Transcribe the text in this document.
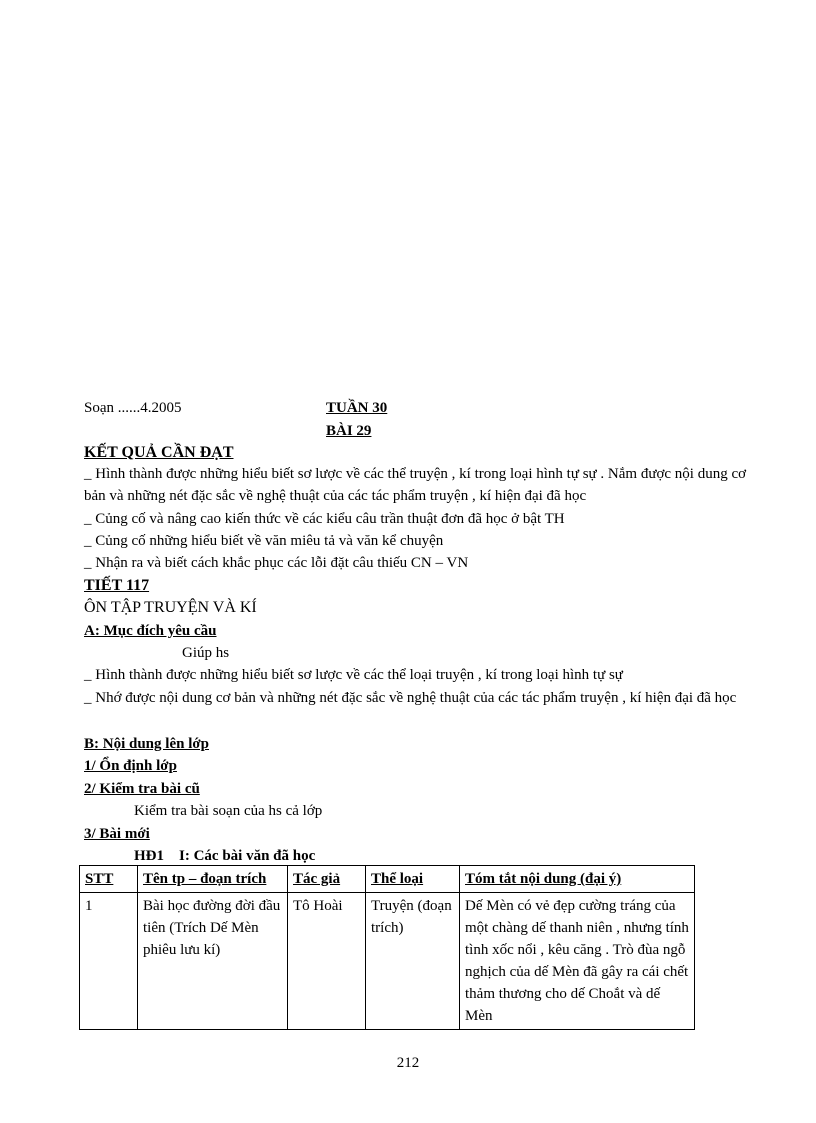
Soạn ......4.2005	TUẦN 30
BÀI 29
KẾT QUẢ CẦN ĐẠT
_ Hình thành được những hiểu biết sơ lược về các thể truyện , kí trong loại hình tự sự . Nắm được nội dung cơ bản và những nét đặc sắc về nghệ thuật của các tác phẩm truyện , kí hiện đại đã học
_ Củng cố và nâng cao kiến thức về các kiểu câu trần thuật đơn đã học ở bật TH
_ Củng cố những hiểu biết về văn miêu tả và văn kể chuyện
_ Nhận ra và biết cách khắc phục các lỗi đặt câu thiếu CN – VN
TIẾT 117
ÔN TẬP TRUYỆN VÀ KÍ
A: Mục đích yêu cầu
Giúp hs
_ Hình thành được những hiểu biết sơ lược về các thể loại truyện , kí trong loại hình tự sự
_ Nhớ được nội dung cơ bản và những nét đặc sắc về nghệ thuật của các tác phẩm truyện , kí hiện đại đã học
B: Nội dung lên lớp
1/ Ổn định lớp
2/ Kiểm tra bài cũ
Kiểm tra bài soạn của hs cả lớp
3/ Bài mới
HĐ1    I: Các bài văn đã học
STT	Tên tp – đoạn trích	Tác giả	Thể loại	Tóm tắt nội dung (đại ý)
1	Bài học đường đời đầu tiên (Trích Dế Mèn phiêu lưu kí)	Tô Hoài	Truyện (đoạn trích)	Dế Mèn có vẻ đẹp cường tráng của một chàng dế thanh niên , nhưng tính tình xốc nổi , kêu căng . Trò đùa ngỗ nghịch của dế Mèn đã gây ra cái chết thảm thương cho dế Choắt và dế Mèn
212
